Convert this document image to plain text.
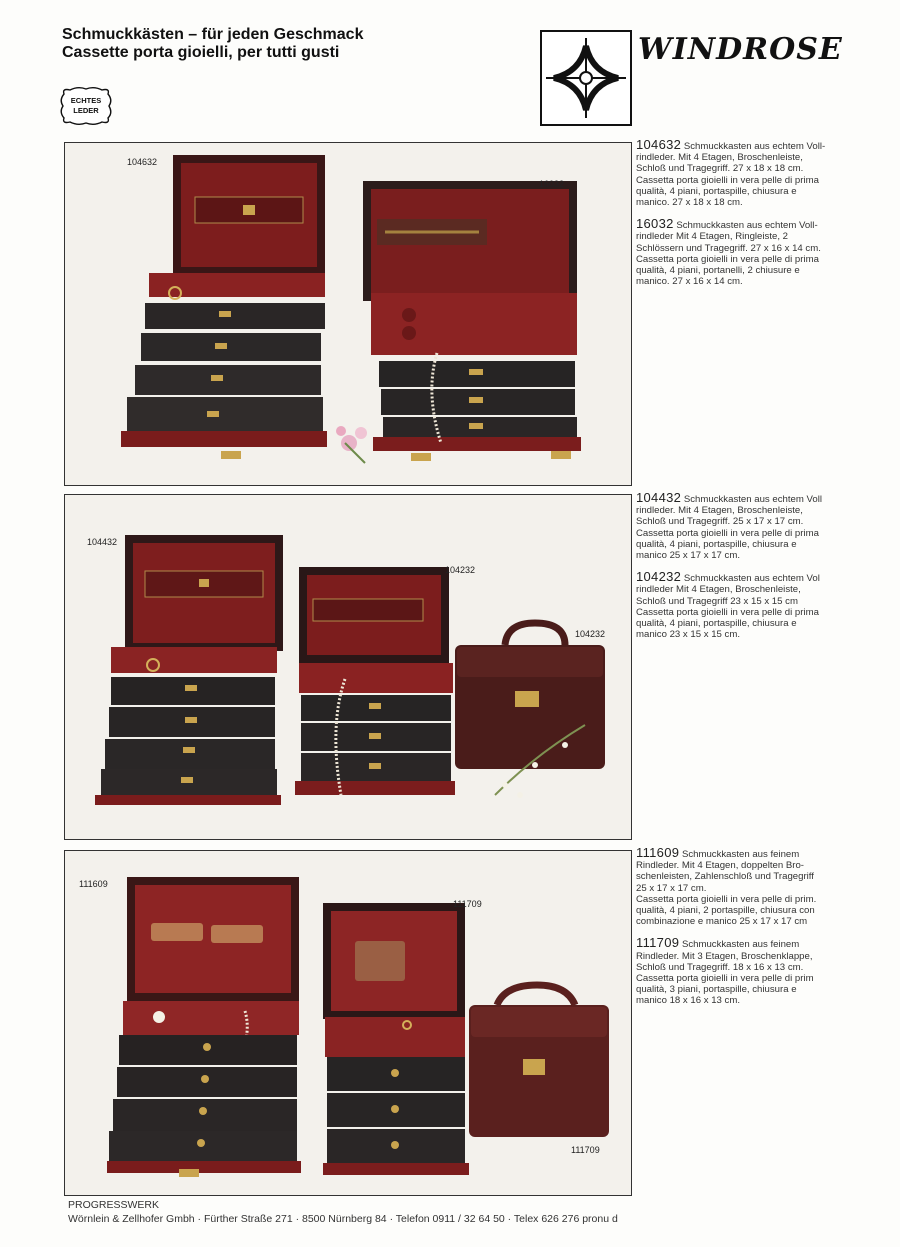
Schmuckkästen – für jeden Geschmack
Cassette porta gioielli, per tutti gusti
ECHTES
LEDER
WINDROSE
104632
16032

104632 Schmuckkasten aus echtem Voll-

rindleder. Mit 4 Etagen, Broschenleiste,

Schloß und Tragegriff. 27 x 18 x 18 cm.

Cassetta porta gioielli in vera pelle di prima

qualità, 4 piani, portaspille, chiusura e

manico. 27 x 18 x 18 cm.

16032 Schmuckkasten aus echtem Voll-

rindleder Mit 4 Etagen, Ringleiste, 2

Schlössern und Tragegriff. 27 x 16 x 14 cm.

Cassetta porta gioielli in vera pelle di prima

qualità, 4 piani, portanelli, 2 chiusure e

manico. 27 x 16 x 14 cm.

104432
104232
104232

104432 Schmuckkasten aus echtem Voll

rindleder. Mit 4 Etagen, Broschenleiste,

Schloß und Tragegriff. 25 x 17 x 17 cm.

Cassetta porta gioielli in vera pelle di prima

qualità, 4 piani, portaspille, chiusura e

manico 25 x 17 x 17 cm.

104232 Schmuckkasten aus echtem Vol

rindleder Mit 4 Etagen, Broschenleiste,

Schloß und Tragegriff 23 x 15 x 15 cm

Cassetta porta gioielli in vera pelle di prima

qualità, 4 piani, portaspille, chiusura e

manico 23 x 15 x 15 cm.

111609
111709
111709

111609 Schmuckkasten aus feinem

Rindleder. Mit 4 Etagen, doppelten Bro-

schenleisten, Zahlenschloß und Tragegriff

25 x 17 x 17 cm.

Cassetta porta gioielli in vera pelle di prim.

qualità, 4 piani, 2 portaspille, chiusura con

combinazione e manico 25 x 17 x 17 cm

111709 Schmuckkasten aus feinem

Rindleder. Mit 3 Etagen, Broschenklappe,

Schloß und Tragegriff. 18 x 16 x 13 cm.

Cassetta porta gioielli in vera pelle di prim

qualità, 3 piani, portaspille, chiusura e

manico 18 x 16 x 13 cm.

PROGRESSWERK
Wörnlein & Zellhofer Gmbh · Fürther Straße 271 · 8500 Nürnberg 84 · Telefon 0911 / 32 64 50 · Telex 626 276 pronu d
